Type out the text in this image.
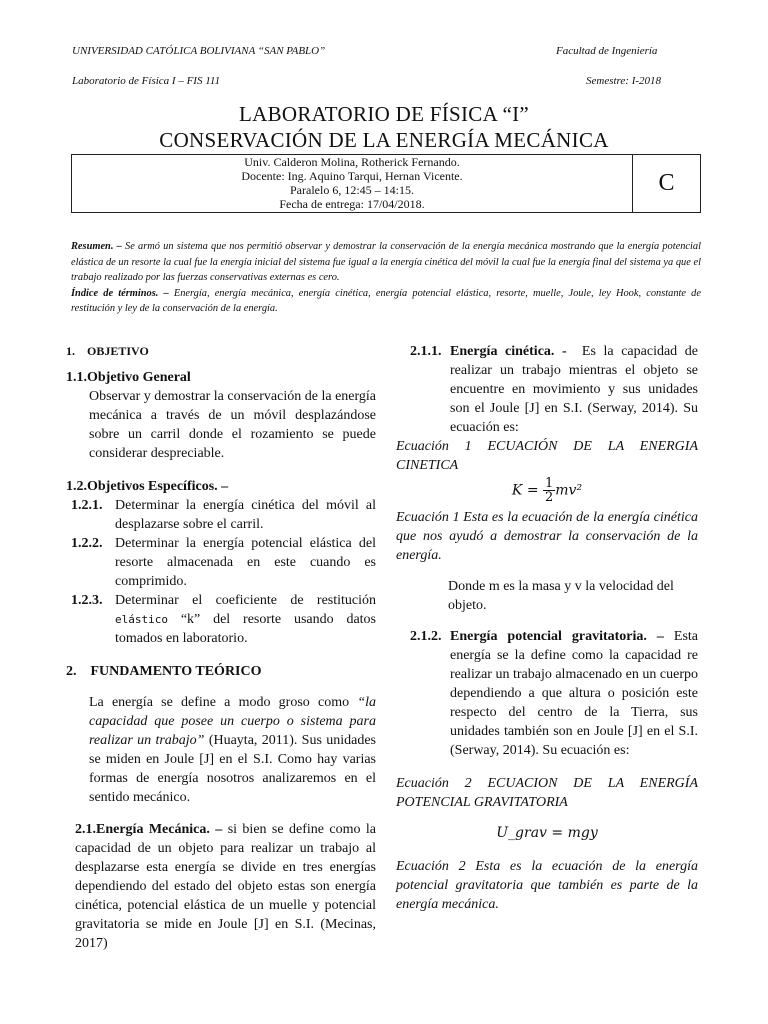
UNIVERSIDAD CATÓLICA BOLIVIANA “SAN PABLO”	Facultad de Ingeniería
Laboratorio de Física I – FIS 111	Semestre: I-2018
LABORATORIO DE FÍSICA “I”
CONSERVACIÓN DE LA ENERGÍA MECÁNICA
Univ. Calderon Molina, Rotherick Fernando.
Docente: Ing. Aquino Tarqui, Hernan Vicente.
Paralelo 6, 12:45 – 14:15.
Fecha de entrega: 17/04/2018.
C
Resumen. – Se armó un sistema que nos permitió observar y demostrar la conservación de la energía mecánica mostrando que la energía potencial elástica de un resorte la cual fue la energía inicial del sistema fue igual a la energía cinética del móvil la cual fue la energía final del sistema ya que el trabajo realizado por las fuerzas conservativas externas es cero.
Índice de términos. – Energía, energía mecánica, energía cinética, energía potencial elástica, resorte, muelle, Joule, ley Hook, constante de restitución y ley de la conservación de la energía.
1. OBJETIVO
1.1.Objetivo General

Observar y demostrar la conservación de la energía mecánica a través de un móvil desplazándose sobre un carril donde el rozamiento se puede considerar despreciable.

1.2.Objetivos Específicos. –
1.2.1. Determinar la energía cinética del móvil al desplazarse sobre el carril.

1.2.2. Determinar la energía potencial elástica del resorte almacenada en este cuando es comprimido.

1.2.3. Determinar el coeficiente de restitución elástico “k” del resorte usando datos tomados en laboratorio.

2. FUNDAMENTO TEÓRICO

La energía se define a modo groso como “la capacidad que posee un cuerpo o sistema para realizar un trabajo” (Huayta, 2011). Sus unidades se miden en Joule [J] en el S.I. Como hay varias formas de energía nosotros analizaremos en el sentido mecánico.

2.1.Energía Mecánica. – si bien se define como la capacidad de un objeto para realizar un trabajo al desplazarse esta energía se divide en tres energías dependiendo del estado del objeto estas son energía cinética, potencial elástica de un muelle y potencial gravitatoria se mide en Joule [J] en S.I. (Mecinas, 2017)

2.1.1. Energía cinética. - Es la capacidad de realizar un trabajo mientras el objeto se encuentre en movimiento y sus unidades son el Joule [J] en S.I. (Serway, 2014). Su ecuación es:

Ecuación 1 ECUACIÓN DE LA ENERGIA CINETICA
$K = \frac{1}{2} mv^2$
Ecuación 1 Esta es la ecuación de la energía cinética que nos ayudó a demostrar la conservación de la energía.

Donde m es la masa y v la velocidad del objeto.

2.1.2. Energía potencial gravitatoria. – Esta energía se la define como la capacidad re realizar un trabajo almacenado en un cuerpo dependiendo a que altura o posición este respecto del centro de la Tierra, sus unidades también son en Joule [J] en el S.I. (Serway, 2014). Su ecuación es:

Ecuación 2 ECUACION DE LA ENERGÍA POTENCIAL GRAVITATORIA
U_grav = mgy
Ecuación 2 Esta es la ecuación de la energía potencial gravitatoria que también es parte de la energía mecánica.
